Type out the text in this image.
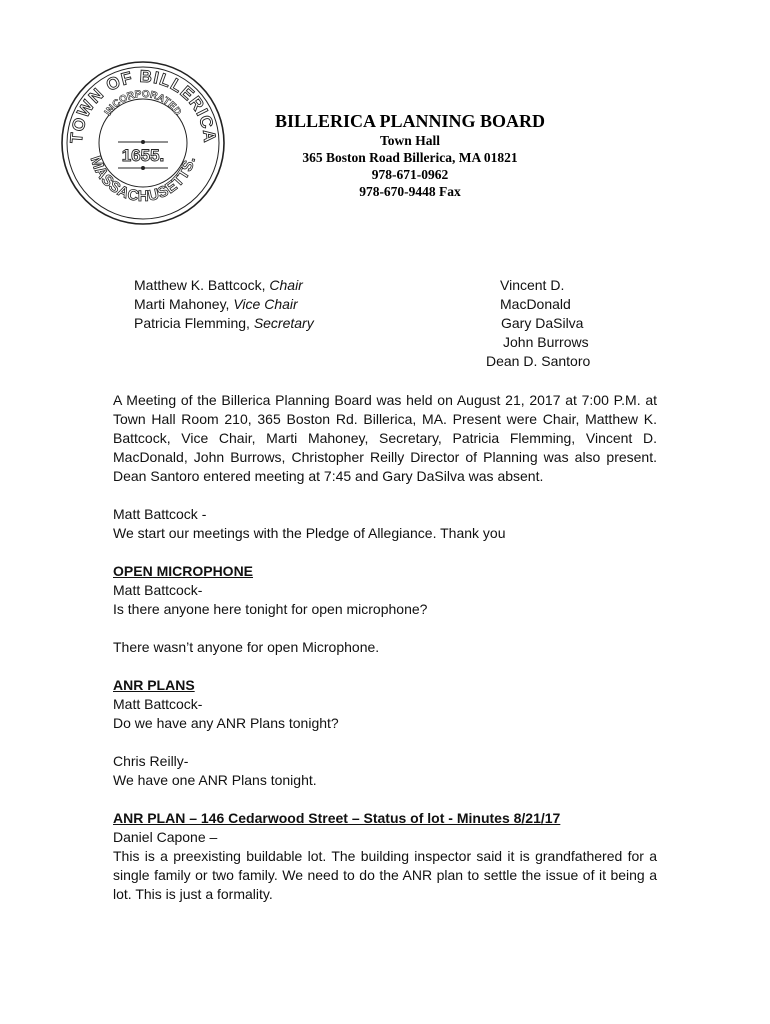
TOWN OF BILLERICA
MASSACHUSETTS.
INCORPORATED
1655.
BILLERICA PLANNING BOARD
Town Hall
365 Boston Road Billerica, MA 01821
978-671-0962
978-670-9448 Fax
Matthew K. Battcock, Chair
Marti Mahoney, Vice Chair
Patricia Flemming, Secretary
Vincent D. MacDonald
Gary DaSilva
John Burrows
Dean D. Santoro
A Meeting of the Billerica Planning Board was held on August 21, 2017 at 7:00 P.M. at Town Hall Room 210, 365 Boston Rd. Billerica, MA. Present were Chair, Matthew K. Battcock, Vice Chair, Marti Mahoney, Secretary, Patricia Flemming, Vincent D. MacDonald, John Burrows, Christopher Reilly Director of Planning was also present. Dean Santoro entered meeting at 7:45 and Gary DaSilva was absent.
Matt Battcock -
We start our meetings with the Pledge of Allegiance. Thank you
OPEN MICROPHONE
Matt Battcock-
Is there anyone here tonight for open microphone?
There wasn’t anyone for open Microphone.
ANR PLANS
Matt Battcock-
Do we have any ANR Plans tonight?
Chris Reilly-
We have one ANR Plans tonight.
ANR PLAN – 146 Cedarwood Street – Status of lot - Minutes 8/21/17
Daniel Capone –
This is a preexisting buildable lot. The building inspector said it is grandfathered for a single family or two family. We need to do the ANR plan to settle the issue of it being a lot. This is just a formality.
